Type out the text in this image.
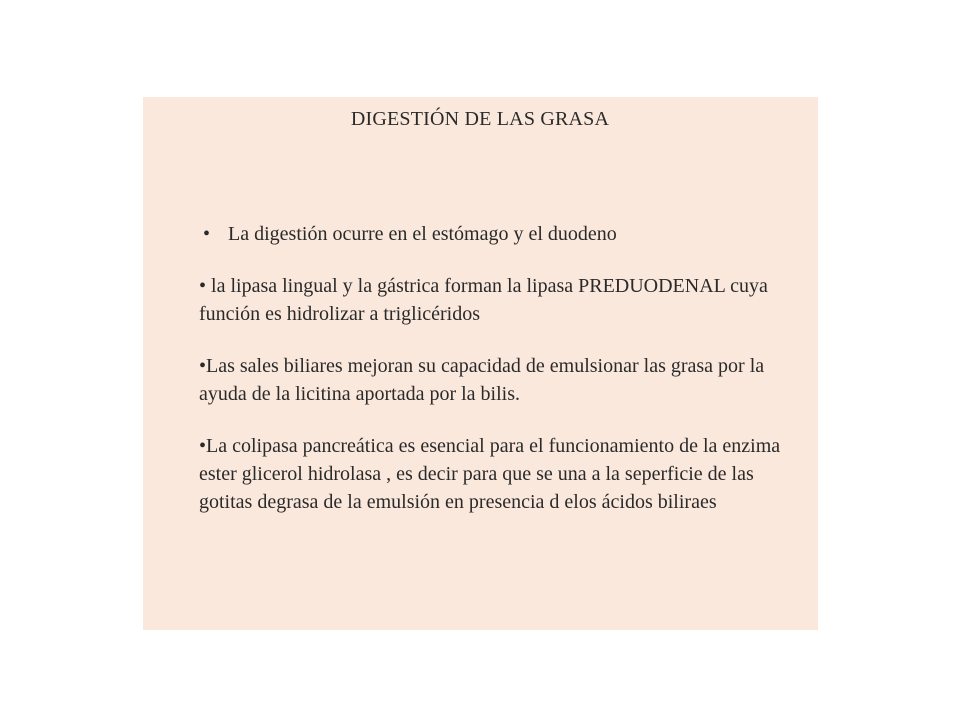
DIGESTIÓN DE LAS GRASA

• La digestión ocurre en el estómago y el duodeno

• la lipasa lingual y la gástrica forman la lipasa PREDUODENAL cuya función es hidrolizar a triglicéridos

•Las sales biliares mejoran su capacidad de emulsionar las grasa por la ayuda de la licitina aportada por la bilis.

•La colipasa pancreática es esencial para el funcionamiento de la enzima ester glicerol hidrolasa , es decir para que se una a la seperficie de las gotitas degrasa de la emulsión en presencia d elos ácidos biliraes
